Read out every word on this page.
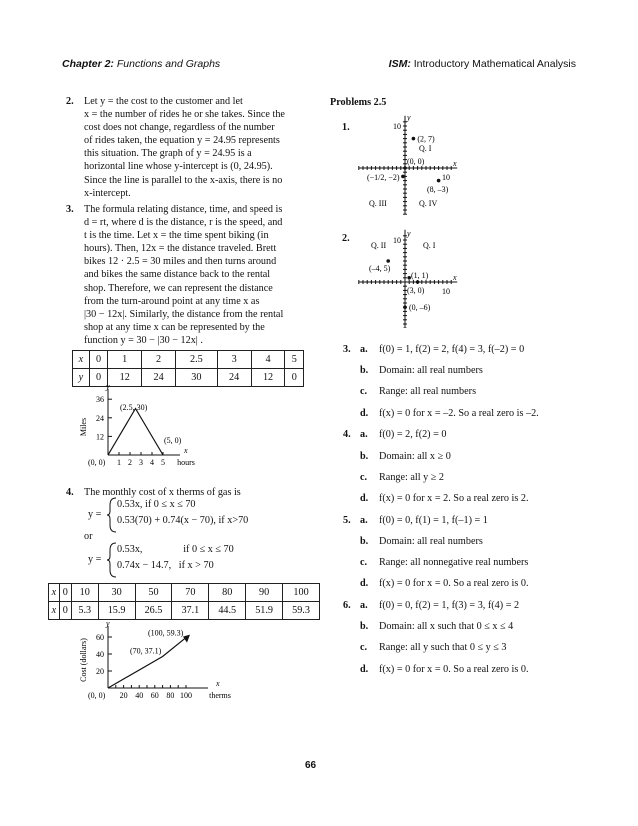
Chapter 2: Functions and Graphs	ISM: Introductory Mathematical Analysis
2. Let y = the cost to the customer and let
x = the number of rides he or she takes. Since the
cost does not change, regardless of the number
of rides taken, the equation y = 24.95 represents
this situation. The graph of y = 24.95 is a
horizontal line whose y-intercept is (0, 24.95).
Since the line is parallel to the x-axis, there is no
x-intercept.
3. The formula relating distance, time, and speed is
d = rt, where d is the distance, r is the speed, and
t is the time. Let x = the time spent biking (in
hours). Then, 12x = the distance traveled. Brett
bikes 12 · 2.5 = 30 miles and then turns around
and bikes the same distance back to the rental
shop. Therefore, we can represent the distance
from the turn-around point at any time x as
|30 − 12x|. Similarly, the distance from the rental
shop at any time x can be represented by the
function y = 30 − |30 − 12x| .
x	0	1	2	2.5	3	4	5
y	0	12	24	30	24	12	0
y
x
hours
Miles
36
24
12
1 2 3 4 5
(2.5, 30)
(5, 0)
(0, 0)
4. The monthly cost of x therms of gas is
y =
0.53x, if 0 ≤ x ≤ 70
0.53(70) + 0.74(x − 70), if x>70
or
y =
0.53x,                if 0 ≤ x ≤ 70
0.74x − 14.7,   if x > 70
x	0	10	30	50	70	80	90	100
x	0	5.3	15.9	26.5	37.1	44.5	51.9	59.3
y
x
therms
Cost (dollars)
60
40
20
20 40 60 80 100
(100, 59.3)
(70, 37.1)
(0, 0)
Problems 2.5
1.
y
x
10
10
(2, 7)
Q. I
(0, 0)
(8, –3)
(−1/2, −2)
Q. III	Q. IV
2.	y
x
10
10
Q. II	Q. I
(–4, 5)
(1, 1)
(3, 0)
(0, –6)
3. a. f(0) = 1, f(2) = 2, f(4) = 3, f(–2) = 0
b. Domain: all real numbers
c. Range: all real numbers
d. f(x) = 0 for x = –2. So a real zero is –2.
4. a. f(0) = 2, f(2) = 0
b. Domain: all x ≥ 0
c. Range: all y ≥ 2
d. f(x) = 0 for x = 2. So a real zero is 2.
5. a. f(0) = 0, f(1) = 1, f(–1) = 1
b. Domain: all real numbers
c. Range: all nonnegative real numbers
d. f(x) = 0 for x = 0. So a real zero is 0.
6. a. f(0) = 0, f(2) = 1, f(3) = 3, f(4) = 2
b. Domain: all x such that 0 ≤ x ≤ 4
c. Range: all y such that 0 ≤ y ≤ 3
d. f(x) = 0 for x = 0. So a real zero is 0.
66
